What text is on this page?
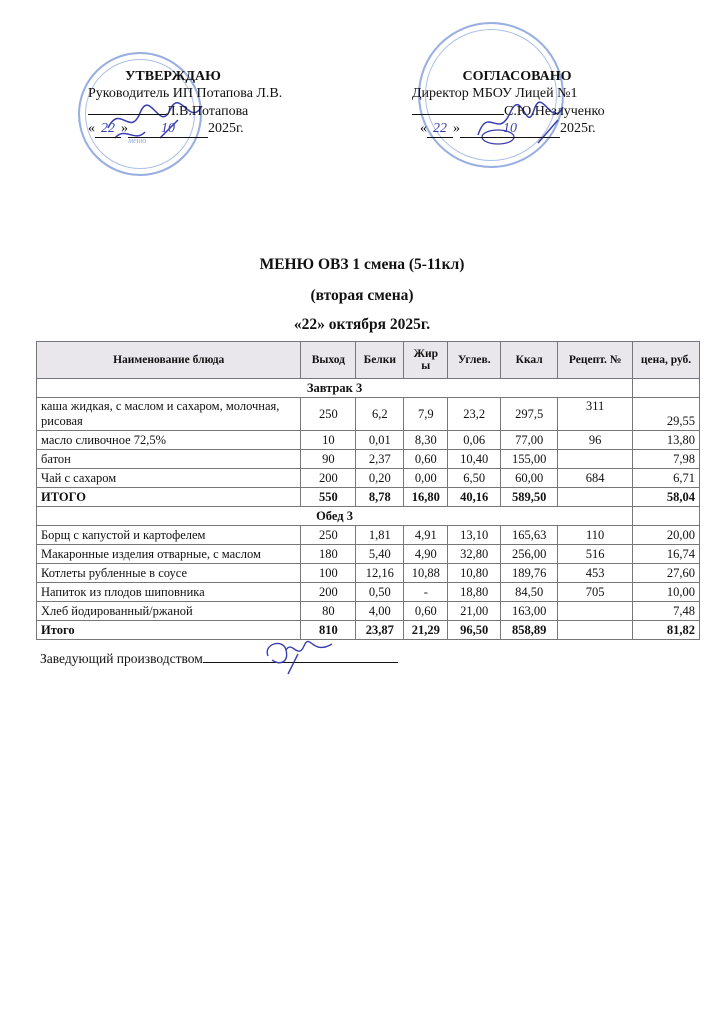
меню
УТВЕРЖДАЮ
Руководитель ИП Потапова Л.В.
Л.В.Потапова
« 22 » 10 2025г.
СОГЛАСОВАНО
Директор МБОУ Лицей №1
С.Ю.Незлученко
« 22 »	10	2025г.
МЕНЮ ОВЗ 1 смена (5-11кл)
(вторая смена)
«22» октября 2025г.
Наименование блюда	Выход	Белки	Жир ы	Углев.	Ккал	Рецепт. №	цена, руб.
Завтрак 3							
каша жидкая, с маслом и сахаром, молочная, рисовая	250	6,2	7,9	23,2	297,5	311	29,55
масло сливочное 72,5%	10	0,01	8,30	0,06	77,00	96	13,80
батон	90	2,37	0,60	10,40	155,00		7,98
Чай с сахаром	200	0,20	0,00	6,50	60,00	684	6,71
ИТОГО	550	8,78	16,80	40,16	589,50		58,04
Обед 3							
Борщ с капустой и картофелем	250	1,81	4,91	13,10	165,63	110	20,00
Макаронные изделия отварные, с маслом	180	5,40	4,90	32,80	256,00	516	16,74
Котлеты рубленные в соусе	100	12,16	10,88	10,80	189,76	453	27,60
Напиток из плодов шиповника	200	0,50	-	18,80	84,50	705	10,00
Хлеб йодированный/ржаной	80	4,00	0,60	21,00	163,00		7,48
Итого	810	23,87	21,29	96,50	858,89		81,82
Заведующий производством
